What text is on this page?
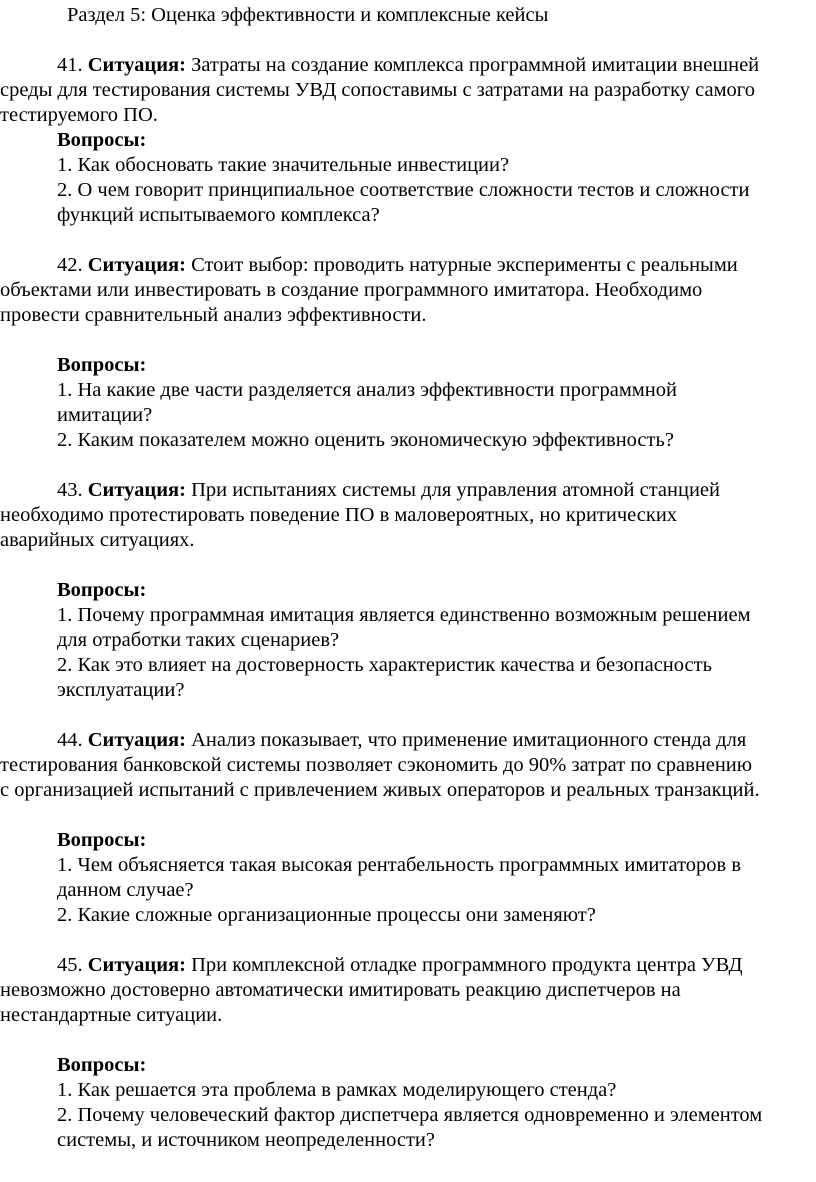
Раздел 5: Оценка эффективности и комплексные кейсы
41. Ситуация: Затраты на создание комплекса программной имитации внешней
среды для тестирования системы УВД сопоставимы с затратами на разработку самого
тестируемого ПО.
Вопросы:
1. Как обосновать такие значительные инвестиции?
2. О чем говорит принципиальное соответствие сложности тестов и сложности
функций испытываемого комплекса?
42. Ситуация: Стоит выбор: проводить натурные эксперименты с реальными
объектами или инвестировать в создание программного имитатора. Необходимо
провести сравнительный анализ эффективности.
Вопросы:
1. На какие две части разделяется анализ эффективности программной
имитации?
2. Каким показателем можно оценить экономическую эффективность?
43. Ситуация: При испытаниях системы для управления атомной станцией
необходимо протестировать поведение ПО в маловероятных, но критических
аварийных ситуациях.
Вопросы:
1. Почему программная имитация является единственно возможным решением
для отработки таких сценариев?
2. Как это влияет на достоверность характеристик качества и безопасность
эксплуатации?
44. Ситуация: Анализ показывает, что применение имитационного стенда для
тестирования банковской системы позволяет сэкономить до 90% затрат по сравнению
с организацией испытаний с привлечением живых операторов и реальных транзакций.
Вопросы:
1. Чем объясняется такая высокая рентабельность программных имитаторов в
данном случае?
2. Какие сложные организационные процессы они заменяют?
45. Ситуация: При комплексной отладке программного продукта центра УВД
невозможно достоверно автоматически имитировать реакцию диспетчеров на
нестандартные ситуации.
Вопросы:
1. Как решается эта проблема в рамках моделирующего стенда?
2. Почему человеческий фактор диспетчера является одновременно и элементом
системы, и источником неопределенности?
